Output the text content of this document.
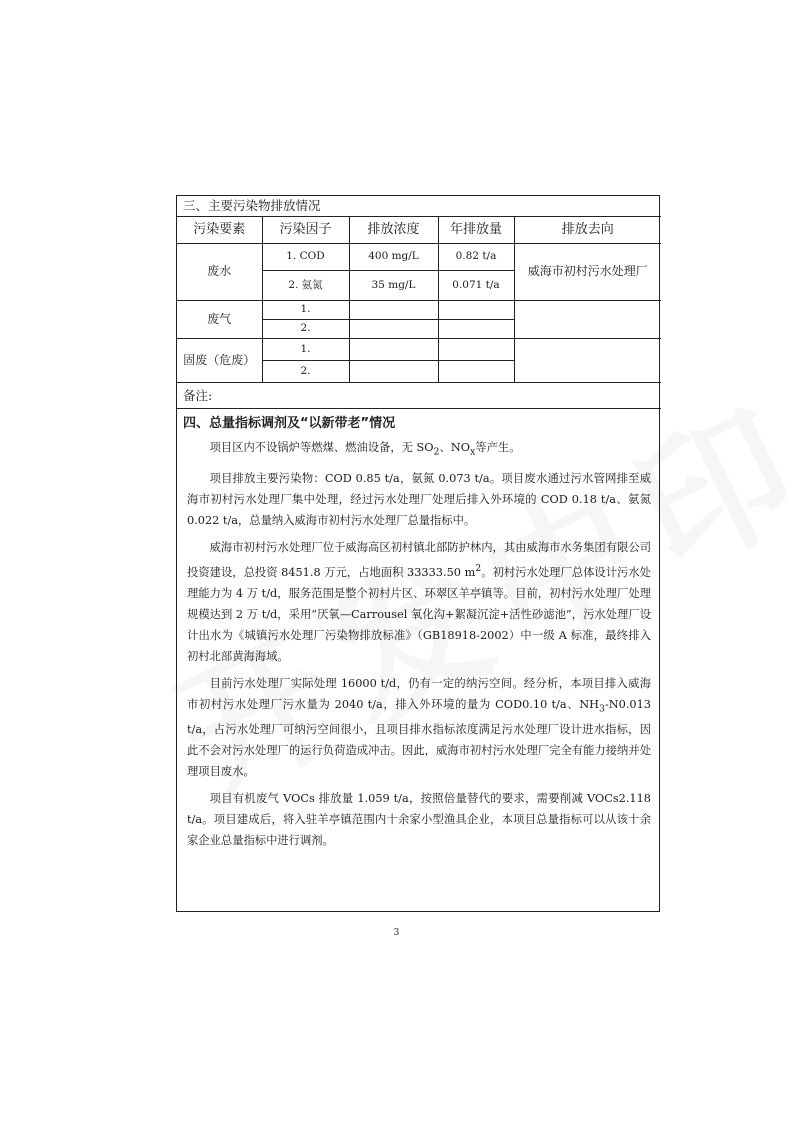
三、主要污染物排放情况				
污染要素	污染因子	排放浓度	年排放量	排放去向
废水	1. COD	400 mg/L	0.82 t/a	威海市初村污水处理厂
	2. 氨氮	35 mg/L	0.071 t/a	
废气	1.			
	2.			
固废（危废）	1.			
	2.			
备注:				
四、总量指标调剂及“以新带老”情况

项目区内不设锅炉等燃煤、燃油设备，无 $SO_2$、$NO_x$等产生。

项目排放主要污染物：COD 0.85 t/a，氨氮 0.073 t/a。项目废水通过污水管网排至威海市初村污水处理厂集中处理，经过污水处理厂处理后排入外环境的 COD 0.18 t/a、氨氮 0.022 t/a，总量纳入威海市初村污水处理厂总量指标中。

威海市初村污水处理厂位于威海高区初村镇北部防护林内，其由威海市水务集团有限公司投资建设，总投资 8451.8 万元，占地面积 33333.50 $m^2$。初村污水处理厂总体设计污水处理能力为 4 万 t/d，服务范围是整个初村片区、环翠区羊亭镇等。目前，初村污水处理厂处理规模达到 2 万 t/d，采用“厌氧—Carrousel 氧化沟+絮凝沉淀+活性砂滤池”，污水处理厂设计出水为《城镇污水处理厂污染物排放标准》（GB18918-2002）中一级 A 标准，最终排入初村北部黄海海域。

目前污水处理厂实际处理 16000 t/d，仍有一定的纳污空间。经分析，本项目排入威海市初村污水处理厂污水量为 2040 t/a，排入外环境的量为 COD0.10 t/a、$NH_3-N0.013$ t/a，占污水处理厂可纳污空间很小，且项目排水指标浓度满足污水处理厂设计进水指标，因此不会对污水处理厂的运行负荷造成冲击。因此，威海市初村污水处理厂完全有能力接纳并处理项目废水。

项目有机废气 VOCs 排放量 1.059 t/a，按照倍量替代的要求，需要削减 VOCs2.118 t/a。项目建成后，将入驻羊亭镇范围内十余家小型渔具企业，本项目总量指标可以从该十余家企业总量指标中进行调剂。

3
